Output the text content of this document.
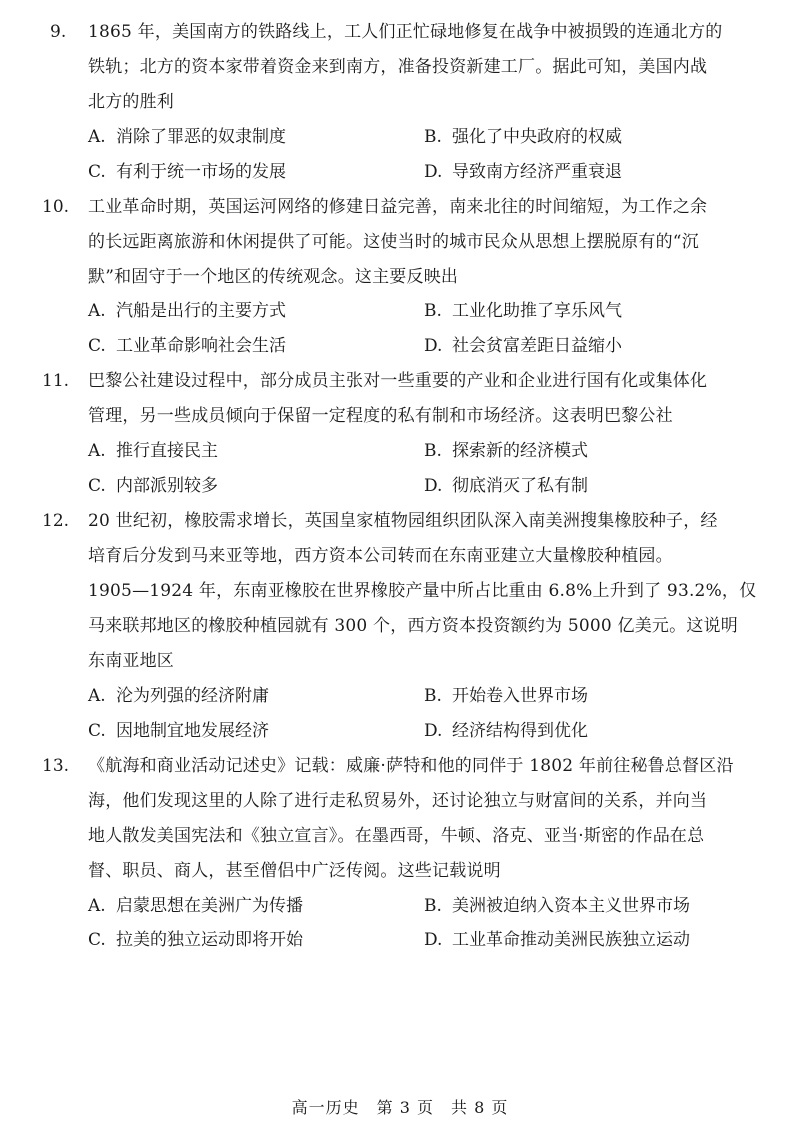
9. 1865 年，美国南方的铁路线上，工人们正忙碌地修复在战争中被损毁的连通北方的
铁轨；北方的资本家带着资金来到南方，准备投资新建工厂。据此可知，美国内战
北方的胜利
A. 消除了罪恶的奴隶制度	B. 强化了中央政府的权威
C. 有利于统一市场的发展	D. 导致南方经济严重衰退
10. 工业革命时期，英国运河网络的修建日益完善，南来北往的时间缩短，为工作之余
的长远距离旅游和休闲提供了可能。这使当时的城市民众从思想上摆脱原有的“沉
默”和固守于一个地区的传统观念。这主要反映出
A. 汽船是出行的主要方式	B. 工业化助推了享乐风气
C. 工业革命影响社会生活	D. 社会贫富差距日益缩小
11. 巴黎公社建设过程中，部分成员主张对一些重要的产业和企业进行国有化或集体化
管理，另一些成员倾向于保留一定程度的私有制和市场经济。这表明巴黎公社
A. 推行直接民主	B. 探索新的经济模式
C. 内部派别较多	D. 彻底消灭了私有制
12. 20 世纪初，橡胶需求增长，英国皇家植物园组织团队深入南美洲搜集橡胶种子，经
培育后分发到马来亚等地，西方资本公司转而在东南亚建立大量橡胶种植园。
1905—1924 年，东南亚橡胶在世界橡胶产量中所占比重由 6.8%上升到了 93.2%，仅
马来联邦地区的橡胶种植园就有 300 个，西方资本投资额约为 5000 亿美元。这说明
东南亚地区
A. 沦为列强的经济附庸	B. 开始卷入世界市场
C. 因地制宜地发展经济	D. 经济结构得到优化
13. 《航海和商业活动记述史》记载：威廉·萨特和他的同伴于 1802 年前往秘鲁总督区沿
海，他们发现这里的人除了进行走私贸易外，还讨论独立与财富间的关系，并向当
地人散发美国宪法和《独立宣言》。在墨西哥，牛顿、洛克、亚当·斯密的作品在总
督、职员、商人，甚至僧侣中广泛传阅。这些记载说明
A. 启蒙思想在美洲广为传播	B. 美洲被迫纳入资本主义世界市场
C. 拉美的独立运动即将开始	D. 工业革命推动美洲民族独立运动
高一历史　第 3 页　共 8 页
